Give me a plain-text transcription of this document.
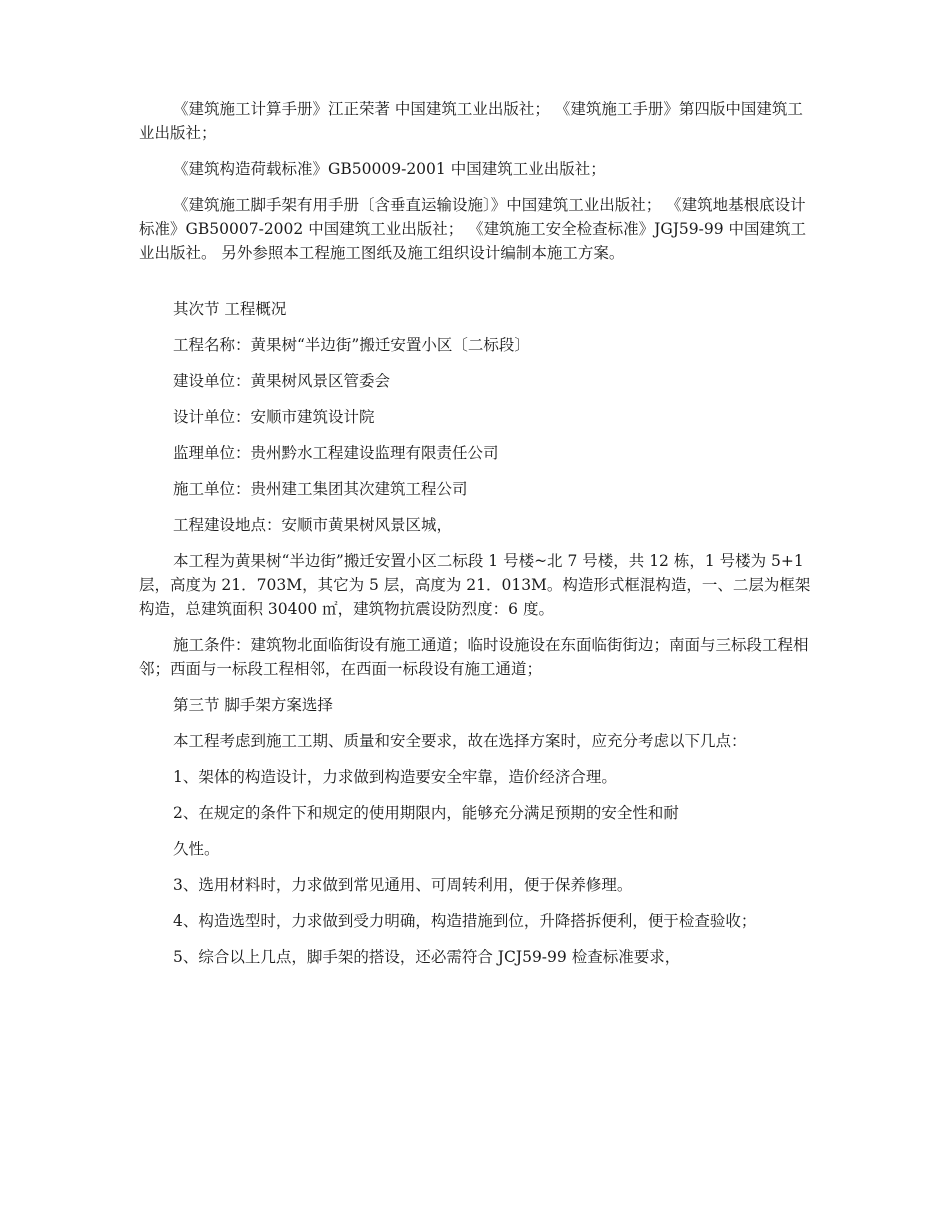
《建筑施工计算手册》江正荣著 中国建筑工业出版社； 《建筑施工手册》第四版中国建筑工业出版社；

《建筑构造荷载标准》GB50009-2001 中国建筑工业出版社；

《建筑施工脚手架有用手册〔含垂直运输设施〕》中国建筑工业出版社； 《建筑地基根底设计标准》GB50007-2002 中国建筑工业出版社； 《建筑施工安全检查标准》JGJ59-99 中国建筑工业出版社。 另外参照本工程施工图纸及施工组织设计编制本施工方案。

其次节 工程概况

工程名称：黄果树“半边街”搬迁安置小区〔二标段〕

建设单位：黄果树风景区管委会

设计单位：安顺市建筑设计院

监理单位：贵州黔水工程建设监理有限责任公司

施工单位：贵州建工集团其次建筑工程公司

工程建设地点：安顺市黄果树风景区城，

本工程为黄果树“半边街”搬迁安置小区二标段 1 号楼~北 7 号楼，共 12 栋，1 号楼为 5+1 层，高度为 21．703M，其它为 5 层，高度为 21．013M。构造形式框混构造，一、二层为框架构造，总建筑面积 30400 ㎡，建筑物抗震设防烈度：6 度。

施工条件：建筑物北面临街设有施工通道；临时设施设在东面临街街边；南面与三标段工程相邻；西面与一标段工程相邻，在西面一标段设有施工通道；

第三节 脚手架方案选择

本工程考虑到施工工期、质量和安全要求，故在选择方案时，应充分考虑以下几点：

1、架体的构造设计，力求做到构造要安全牢靠，造价经济合理。

2、在规定的条件下和规定的使用期限内，能够充分满足预期的安全性和耐

久性。

3、选用材料时，力求做到常见通用、可周转利用，便于保养修理。

4、构造选型时，力求做到受力明确，构造措施到位，升降搭拆便利，便于检查验收；

5、综合以上几点，脚手架的搭设，还必需符合 JCJ59-99 检查标准要求，
